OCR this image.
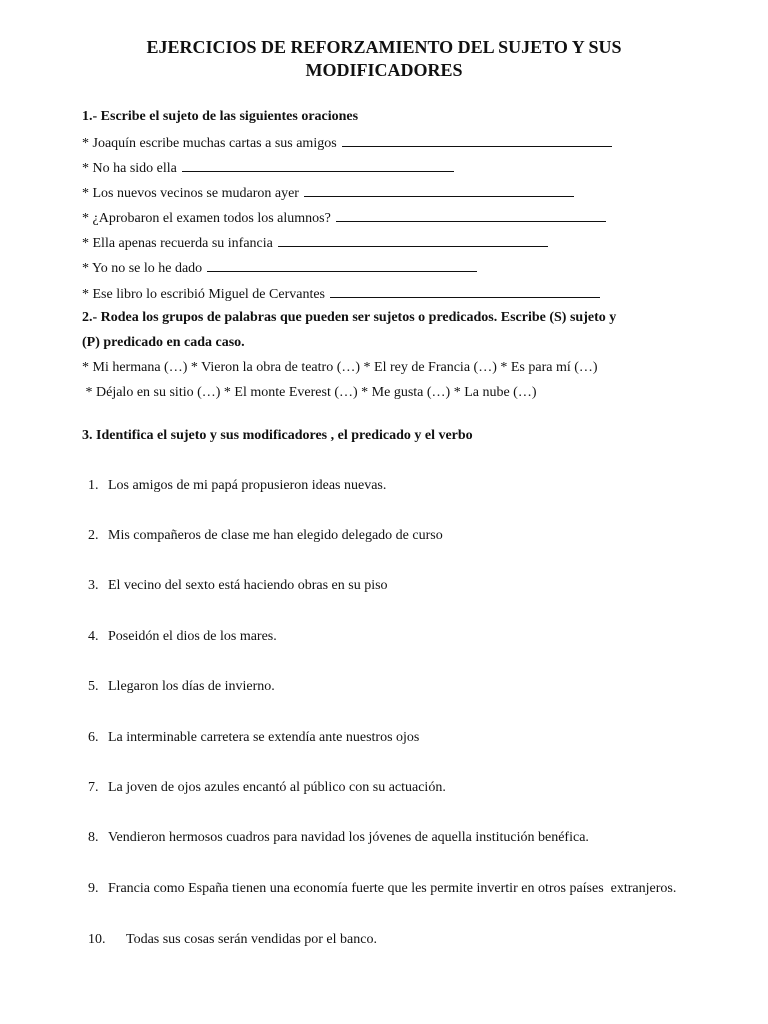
EJERCICIOS DE REFORZAMIENTO DEL SUJETO Y SUS
MODIFICADORES
1.- Escribe el sujeto de las siguientes oraciones
* Joaquín escribe muchas cartas a sus amigos
* No ha sido ella
* Los nuevos vecinos se mudaron ayer
* ¿Aprobaron el examen todos los alumnos?
* Ella apenas recuerda su infancia
* Yo no se lo he dado
* Ese libro lo escribió Miguel de Cervantes
2.- Rodea los grupos de palabras que pueden ser sujetos o predicados. Escribe (S) sujeto y
(P) predicado en cada caso.
* Mi hermana (…) * Vieron la obra de teatro (…) * El rey de Francia (…) * Es para mí (…)
* Déjalo en su sitio (…) * El monte Everest (…) * Me gusta (…) * La nube (…)
3. Identifica el sujeto y sus modificadores , el predicado y el verbo
1. Los amigos de mi papá propusieron ideas nuevas.
2. Mis compañeros de clase me han elegido delegado de curso
3. El vecino del sexto está haciendo obras en su piso
4. Poseidón el dios de los mares.
5. Llegaron los días de invierno.
6. La interminable carretera se extendía ante nuestros ojos
7. La joven de ojos azules encantó al público con su actuación.
8. Vendieron hermosos cuadros para navidad los jóvenes de aquella institución benéfica.
9. Francia como España tienen una economía fuerte que les permite invertir en otros países  extranjeros.
10. Todas sus cosas serán vendidas por el banco.
